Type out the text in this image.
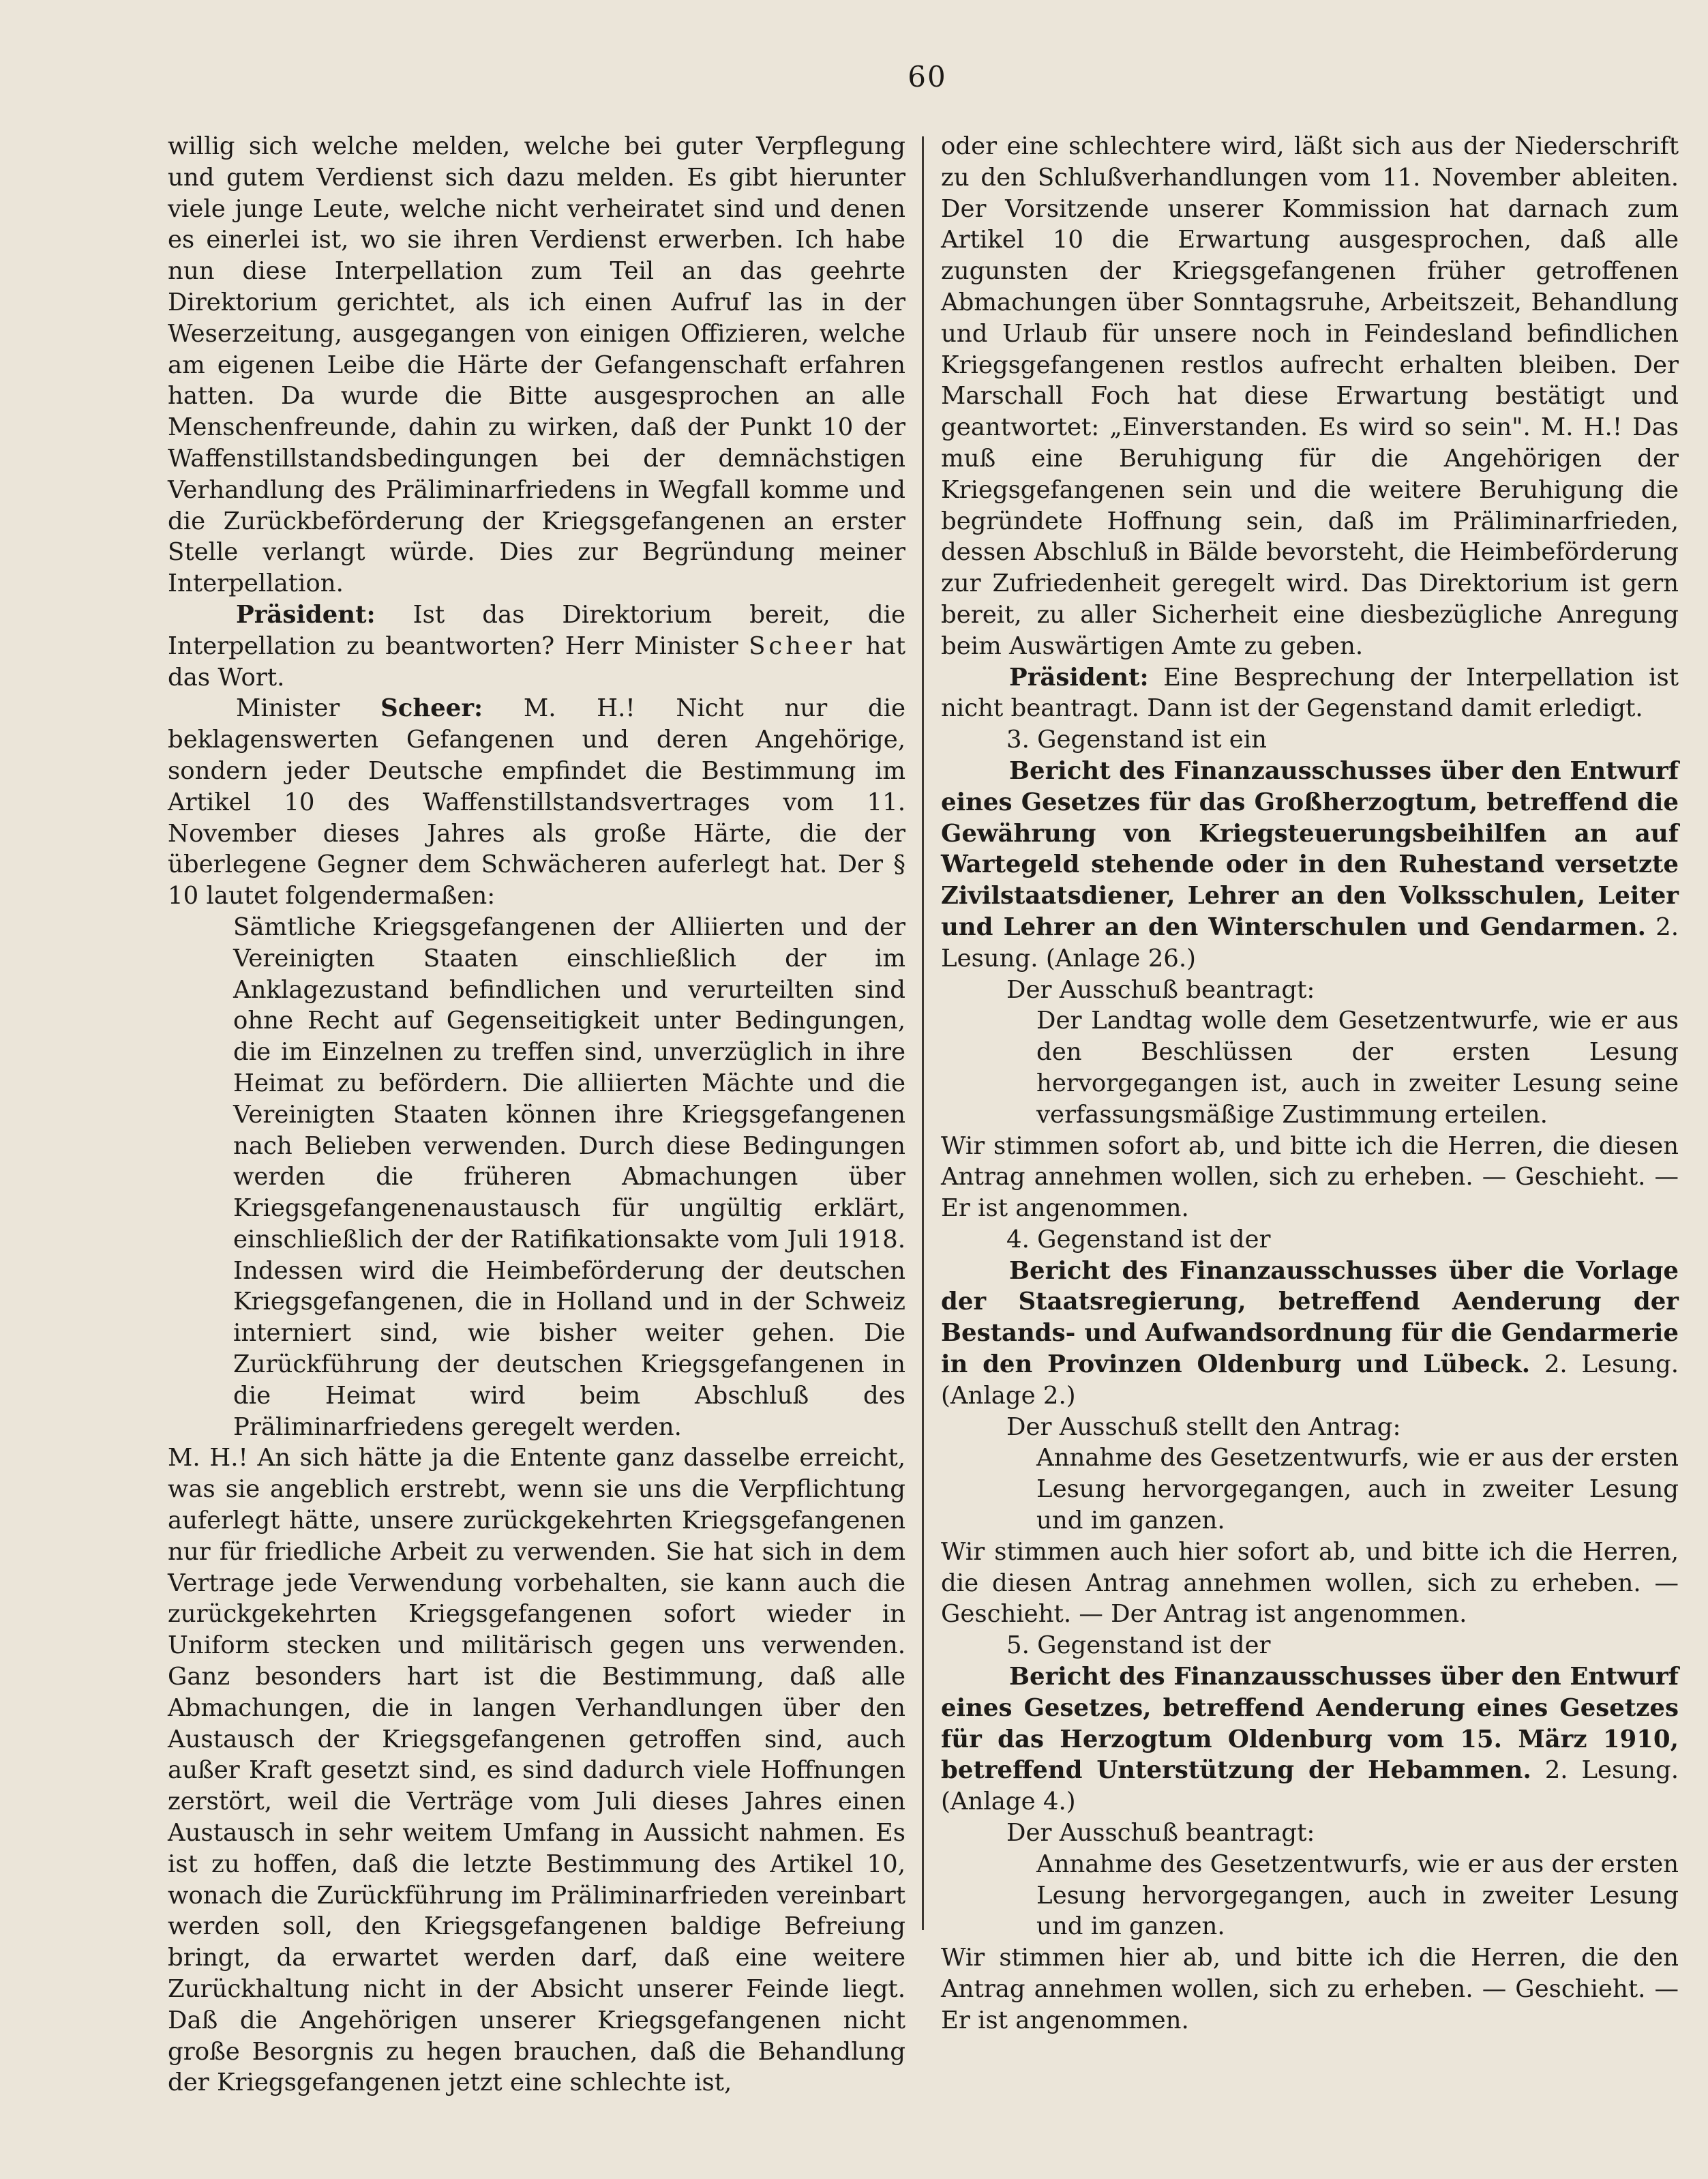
60

willig sich welche melden, welche bei guter Verpflegung und gutem Verdienst sich dazu melden. Es gibt hierunter viele junge Leute, welche nicht verheiratet sind und denen es einerlei ist, wo sie ihren Verdienst erwerben. Ich habe nun diese Interpellation zum Teil an das geehrte Direktorium gerichtet, als ich einen Aufruf las in der Weserzeitung, ausgegangen von einigen Offizieren, welche am eigenen Leibe die Härte der Gefangenschaft erfahren hatten. Da wurde die Bitte ausgesprochen an alle Menschenfreunde, dahin zu wirken, daß der Punkt 10 der Waffenstillstandsbedingungen bei der demnächstigen Verhandlung des Präliminarfriedens in Wegfall komme und die Zurückbeförderung der Kriegsgefangenen an erster Stelle verlangt würde. Dies zur Begründung meiner Interpellation.

Präsident: Ist das Direktorium bereit, die Interpellation zu beantworten? Herr Minister Scheer hat das Wort.

Minister Scheer: M. H.! Nicht nur die beklagenswerten Gefangenen und deren Angehörige, sondern jeder Deutsche empfindet die Bestimmung im Artikel 10 des Waffenstillstandsvertrages vom 11. November dieses Jahres als große Härte, die der überlegene Gegner dem Schwächeren auferlegt hat. Der § 10 lautet folgendermaßen:

Sämtliche Kriegsgefangenen der Alliierten und der Vereinigten Staaten einschließlich der im Anklagezustand befindlichen und verurteilten sind ohne Recht auf Gegenseitigkeit unter Bedingungen, die im Einzelnen zu treffen sind, unverzüglich in ihre Heimat zu befördern. Die alliierten Mächte und die Vereinigten Staaten können ihre Kriegsgefangenen nach Belieben verwenden. Durch diese Bedingungen werden die früheren Abmachungen über Kriegsgefangenenaustausch für ungültig erklärt, einschließlich der der Ratifikationsakte vom Juli 1918. Indessen wird die Heimbeförderung der deutschen Kriegsgefangenen, die in Holland und in der Schweiz interniert sind, wie bisher weiter gehen. Die Zurückführung der deutschen Kriegsgefangenen in die Heimat wird beim Abschluß des Präliminarfriedens geregelt werden.

M. H.! An sich hätte ja die Entente ganz dasselbe erreicht, was sie angeblich erstrebt, wenn sie uns die Verpflichtung auferlegt hätte, unsere zurückgekehrten Kriegsgefangenen nur für friedliche Arbeit zu verwenden. Sie hat sich in dem Vertrage jede Verwendung vorbehalten, sie kann auch die zurückgekehrten Kriegsgefangenen sofort wieder in Uniform stecken und militärisch gegen uns verwenden. Ganz besonders hart ist die Bestimmung, daß alle Abmachungen, die in langen Verhandlungen über den Austausch der Kriegsgefangenen getroffen sind, auch außer Kraft gesetzt sind, es sind dadurch viele Hoffnungen zerstört, weil die Verträge vom Juli dieses Jahres einen Austausch in sehr weitem Umfang in Aussicht nahmen. Es ist zu hoffen, daß die letzte Bestimmung des Artikel 10, wonach die Zurückführung im Präliminarfrieden vereinbart werden soll, den Kriegsgefangenen baldige Befreiung bringt, da erwartet werden darf, daß eine weitere Zurückhaltung nicht in der Absicht unserer Feinde liegt. Daß die Angehörigen unserer Kriegsgefangenen nicht große Besorgnis zu hegen brauchen, daß die Behandlung der Kriegsgefangenen jetzt eine schlechte ist,

oder eine schlechtere wird, läßt sich aus der Niederschrift zu den Schlußverhandlungen vom 11. November ableiten. Der Vorsitzende unserer Kommission hat darnach zum Artikel 10 die Erwartung ausgesprochen, daß alle zugunsten der Kriegsgefangenen früher getroffenen Abmachungen über Sonntagsruhe, Arbeitszeit, Behandlung und Urlaub für unsere noch in Feindesland befindlichen Kriegsgefangenen restlos aufrecht erhalten bleiben. Der Marschall Foch hat diese Erwartung bestätigt und geantwortet: „Einverstanden. Es wird so sein". M. H.! Das muß eine Beruhigung für die Angehörigen der Kriegsgefangenen sein und die weitere Beruhigung die begründete Hoffnung sein, daß im Präliminarfrieden, dessen Abschluß in Bälde bevorsteht, die Heimbeförderung zur Zufriedenheit geregelt wird. Das Direktorium ist gern bereit, zu aller Sicherheit eine diesbezügliche Anregung beim Auswärtigen Amte zu geben.

Präsident: Eine Besprechung der Interpellation ist nicht beantragt. Dann ist der Gegenstand damit erledigt.

3. Gegenstand ist ein

Bericht des Finanzausschusses über den Entwurf eines Gesetzes für das Großherzogtum, betreffend die Gewährung von Kriegsteuerungsbeihilfen an auf Wartegeld stehende oder in den Ruhestand versetzte Zivilstaatsdiener, Lehrer an den Volksschulen, Leiter und Lehrer an den Winterschulen und Gendarmen. 2. Lesung. (Anlage 26.)

Der Ausschuß beantragt:

Der Landtag wolle dem Gesetzentwurfe, wie er aus den Beschlüssen der ersten Lesung hervorgegangen ist, auch in zweiter Lesung seine verfassungsmäßige Zustimmung erteilen.

Wir stimmen sofort ab, und bitte ich die Herren, die diesen Antrag annehmen wollen, sich zu erheben. — Geschieht. — Er ist angenommen.

4. Gegenstand ist der

Bericht des Finanzausschusses über die Vorlage der Staatsregierung, betreffend Aenderung der Bestands- und Aufwandsordnung für die Gendarmerie in den Provinzen Oldenburg und Lübeck. 2. Lesung. (Anlage 2.)

Der Ausschuß stellt den Antrag:

Annahme des Gesetzentwurfs, wie er aus der ersten Lesung hervorgegangen, auch in zweiter Lesung und im ganzen.

Wir stimmen auch hier sofort ab, und bitte ich die Herren, die diesen Antrag annehmen wollen, sich zu erheben. — Geschieht. — Der Antrag ist angenommen.

5. Gegenstand ist der

Bericht des Finanzausschusses über den Entwurf eines Gesetzes, betreffend Aenderung eines Gesetzes für das Herzogtum Oldenburg vom 15. März 1910, betreffend Unterstützung der Hebammen. 2. Lesung. (Anlage 4.)

Der Ausschuß beantragt:

Annahme des Gesetzentwurfs, wie er aus der ersten Lesung hervorgegangen, auch in zweiter Lesung und im ganzen.

Wir stimmen hier ab, und bitte ich die Herren, die den Antrag annehmen wollen, sich zu erheben. — Geschieht. — Er ist angenommen.
